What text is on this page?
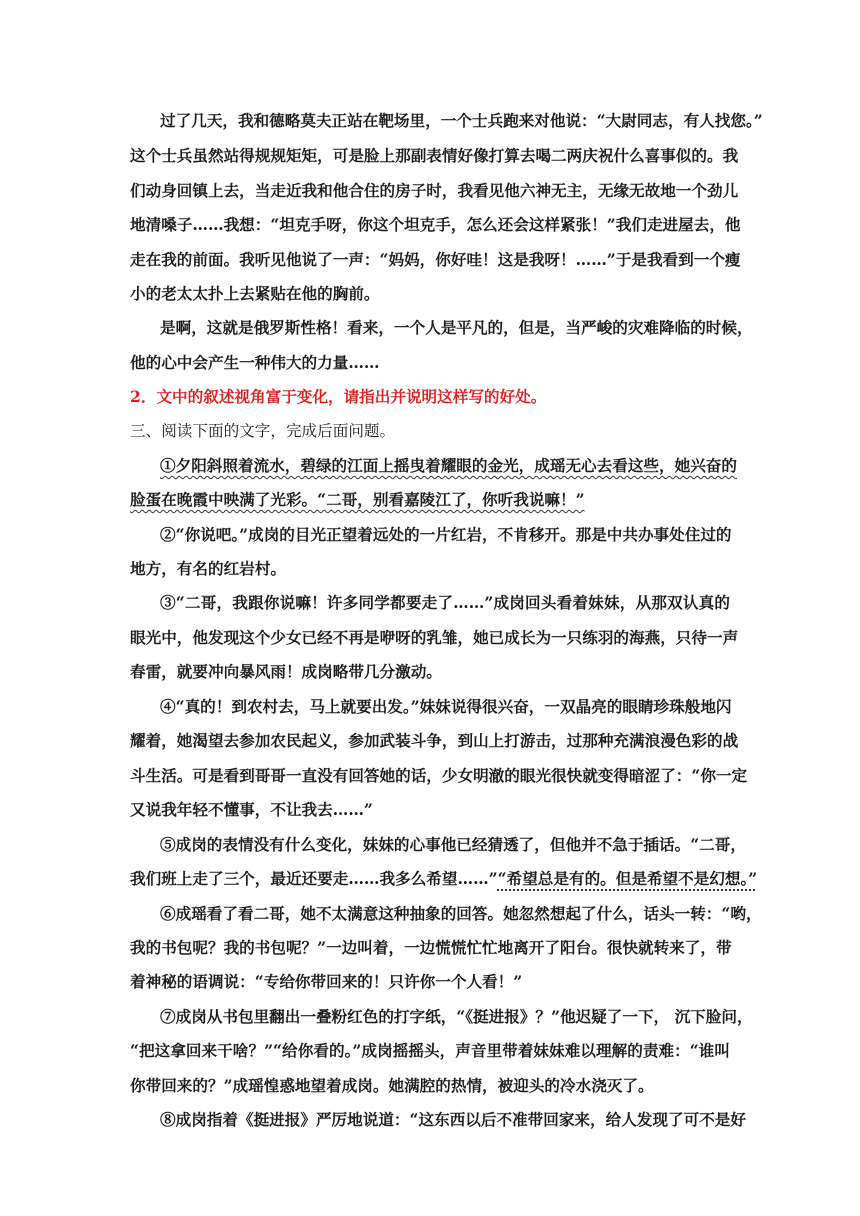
过了几天，我和德略莫夫正站在靶场里，一个士兵跑来对他说：“大尉同志，有人找您。”
这个士兵虽然站得规规矩矩，可是脸上那副表情好像打算去喝二两庆祝什么喜事似的。我
们动身回镇上去，当走近我和他合住的房子时，我看见他六神无主，无缘无故地一个劲儿
地清嗓子……我想：“坦克手呀，你这个坦克手，怎么还会这样紧张！”我们走进屋去，他
走在我的前面。我听见他说了一声：“妈妈，你好哇！这是我呀！……”于是我看到一个瘦
小的老太太扑上去紧贴在他的胸前。
是啊，这就是俄罗斯性格！看来，一个人是平凡的，但是，当严峻的灾难降临的时候，
他的心中会产生一种伟大的力量……
2．文中的叙述视角富于变化，请指出并说明这样写的好处。
三、阅读下面的文字，完成后面问题。
①夕阳斜照着流水，碧绿的江面上摇曳着耀眼的金光，成瑶无心去看这些，她兴奋的
脸蛋在晚霞中映满了光彩。“二哥，别看嘉陵江了，你听我说嘛！”
②“你说吧。”成岗的目光正望着远处的一片红岩，不肯移开。那是中共办事处住过的
地方，有名的红岩村。
③“二哥，我跟你说嘛！许多同学都要走了……”成岗回头看着妹妹，从那双认真的
眼光中，他发现这个少女已经不再是咿呀的乳雏，她已成长为一只练羽的海燕，只待一声
春雷，就要冲向暴风雨！成岗略带几分激动。
④“真的！到农村去，马上就要出发。”妹妹说得很兴奋，一双晶亮的眼睛珍珠般地闪
耀着，她渴望去参加农民起义，参加武装斗争，到山上打游击，过那种充满浪漫色彩的战
斗生活。可是看到哥哥一直没有回答她的话，少女明澈的眼光很快就变得暗涩了：“你一定
又说我年轻不懂事，不让我去……”
⑤成岗的表情没有什么变化，妹妹的心事他已经猜透了，但他并不急于插话。“二哥，
我们班上走了三个，最近还要走……我多么希望……”“希望总是有的。但是希望不是幻想。”
⑥成瑶看了看二哥，她不太满意这种抽象的回答。她忽然想起了什么，话头一转：“哟，
我的书包呢？我的书包呢？”一边叫着，一边慌慌忙忙地离开了阳台。很快就转来了，带
着神秘的语调说：“专给你带回来的！只许你一个人看！”
⑦成岗从书包里翻出一叠粉红色的打字纸，“《挺进报》？”他迟疑了一下， 沉下脸问，
“把这拿回来干啥？”“给你看的。”成岗摇摇头，声音里带着妹妹难以理解的责难：“谁叫
你带回来的？”成瑶惶惑地望着成岗。她满腔的热情，被迎头的冷水浇灭了。
⑧成岗指着《挺进报》严厉地说道：“这东西以后不准带回家来，给人发现了可不是好
